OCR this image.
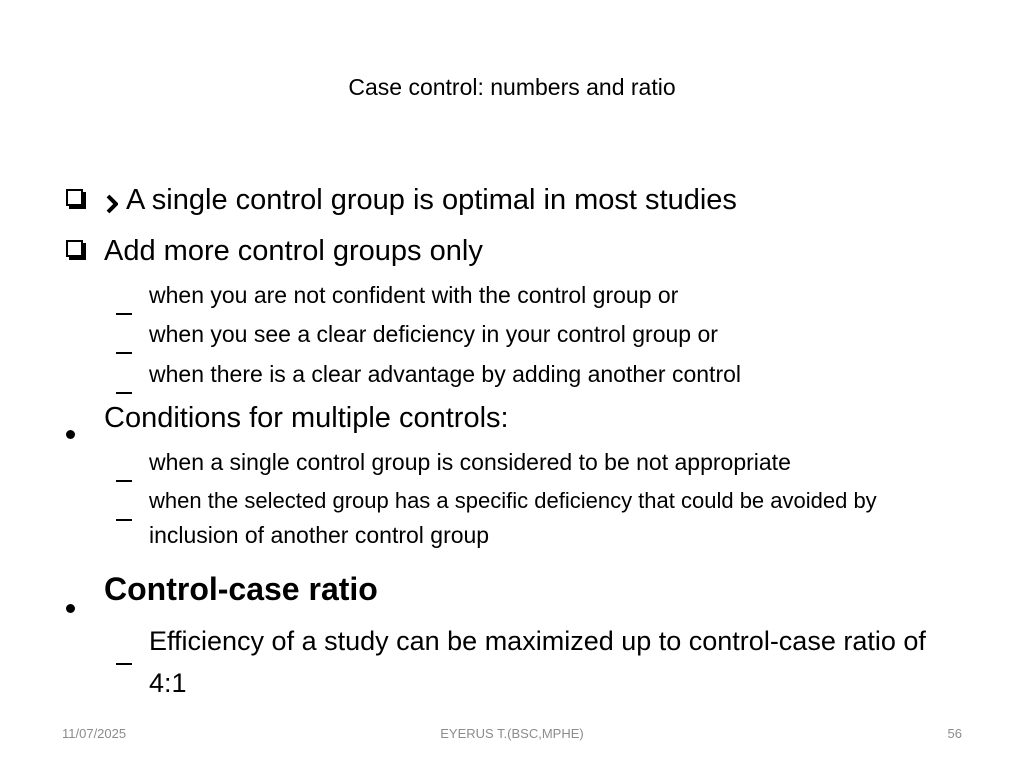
Case control: numbers and ratio
A single control group is optimal in most studies
Add more control groups only
when you are not confident with the control group or
when you see a clear deficiency in your control group or
when there is a clear advantage by adding another control
Conditions for multiple controls:
when a single control group is considered to be not appropriate
when the selected group has a specific deficiency that could be avoided by
inclusion of another control group
Control-case ratio
Efficiency of a study can be maximized up to control-case ratio of
4:1
11/07/2025	EYERUS T.(BSC,MPHE)	56
